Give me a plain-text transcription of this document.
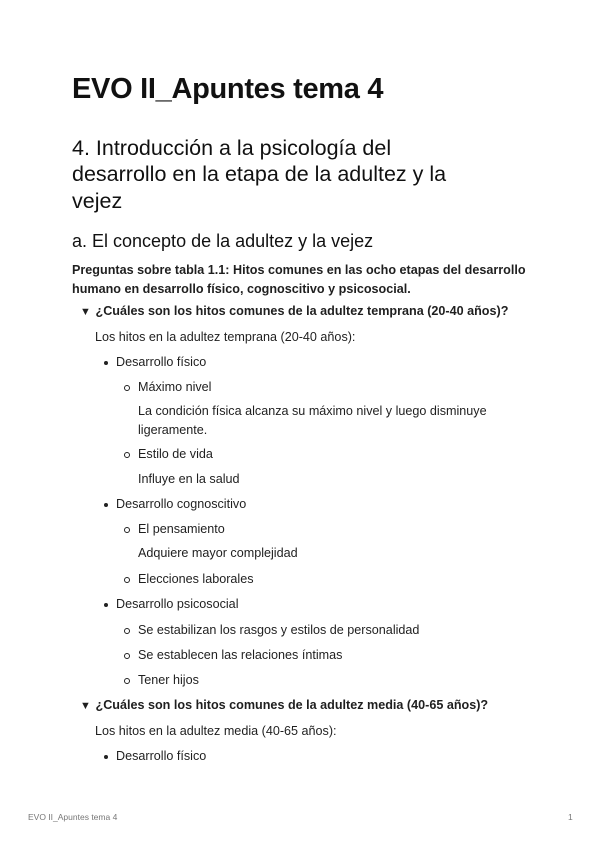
EVO II_Apuntes tema 4
4. Introducción a la psicología del
desarrollo en la etapa de la adultez y la
vejez
a. El concepto de la adultez y la vejez
Preguntas sobre tabla 1.1: Hitos comunes en las ocho etapas del desarrollo
humano en desarrollo físico, cognoscitivo y psicosocial.
▼ ¿Cuáles son los hitos comunes de la adultez temprana (20-40 años)?
Los hitos en la adultez temprana (20-40 años):
Desarrollo físico
Máximo nivel
La condición física alcanza su máximo nivel y luego disminuye
ligeramente.
Estilo de vida
Influye en la salud
Desarrollo cognoscitivo
El pensamiento
Adquiere mayor complejidad
Elecciones laborales
Desarrollo psicosocial
Se estabilizan los rasgos y estilos de personalidad
Se establecen las relaciones íntimas
Tener hijos
▼ ¿Cuáles son los hitos comunes de la adultez media (40-65 años)?
Los hitos en la adultez media (40-65 años):
Desarrollo físico
EVO II_Apuntes tema 4	1
